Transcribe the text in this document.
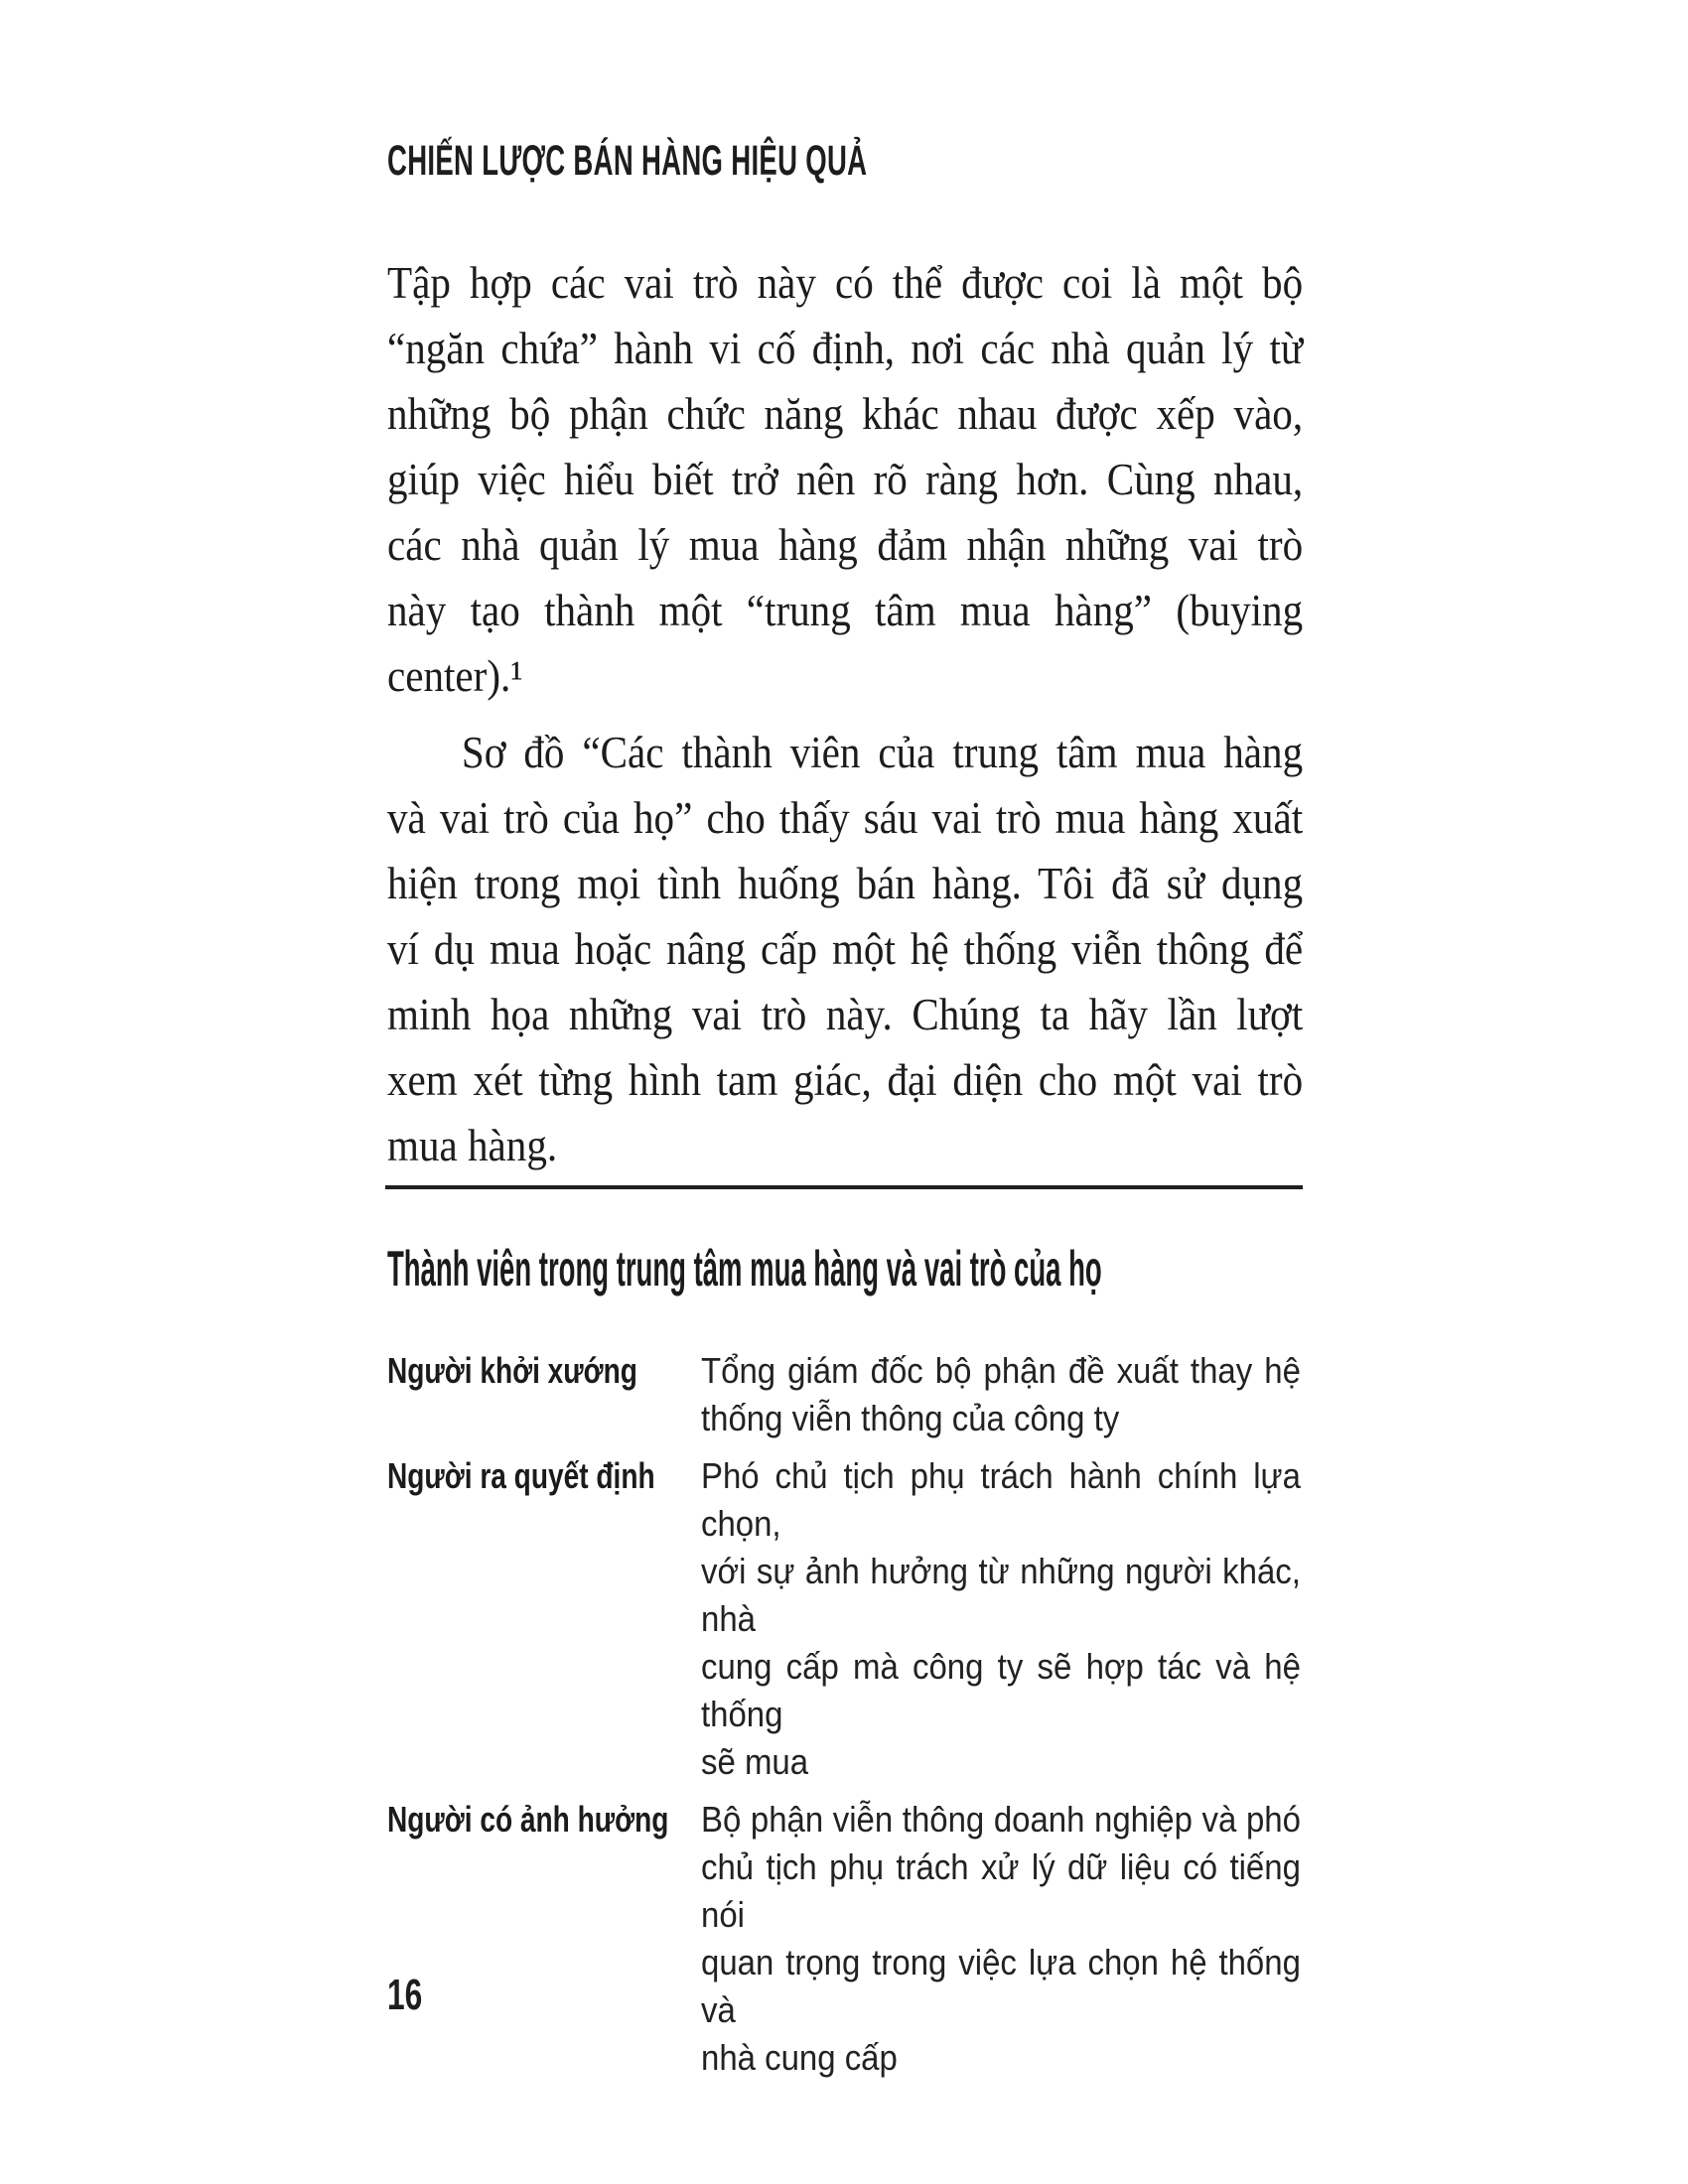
CHIẾN LƯỢC BÁN HÀNG HIỆU QUẢ
Tập hợp các vai trò này có thể được coi là một bộ
“ngăn chứa” hành vi cố định, nơi các nhà quản lý từ
những bộ phận chức năng khác nhau được xếp vào,
giúp việc hiểu biết trở nên rõ ràng hơn. Cùng nhau,
các nhà quản lý mua hàng đảm nhận những vai trò
này tạo thành một “trung tâm mua hàng” (buying
center).¹
Sơ đồ “Các thành viên của trung tâm mua hàng
và vai trò của họ” cho thấy sáu vai trò mua hàng xuất
hiện trong mọi tình huống bán hàng. Tôi đã sử dụng
ví dụ mua hoặc nâng cấp một hệ thống viễn thông để
minh họa những vai trò này. Chúng ta hãy lần lượt
xem xét từng hình tam giác, đại diện cho một vai trò
mua hàng.
Thành viên trong trung tâm mua hàng và vai trò của họ
Người khởi xướng Tổng giám đốc bộ phận đề xuất thay hệ
thống viễn thông của công ty
Người ra quyết định Phó chủ tịch phụ trách hành chính lựa chọn,
với sự ảnh hưởng từ những người khác, nhà
cung cấp mà công ty sẽ hợp tác và hệ thống
sẽ mua
Người có ảnh hưởng Bộ phận viễn thông doanh nghiệp và phó
chủ tịch phụ trách xử lý dữ liệu có tiếng nói
quan trọng trong việc lựa chọn hệ thống và
nhà cung cấp
16
